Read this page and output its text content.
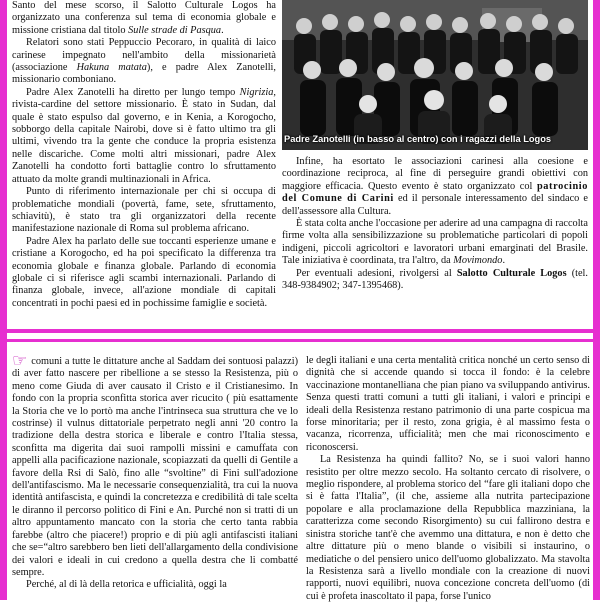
Santo del mese scorso, il Salotto Culturale Logos ha organizzato una conferenza sul tema di economia globale e missione cristiana dal titolo Sulle strade di Pasqua.

Relatori sono stati Peppuccio Pecoraro, in qualità di laico carinese impegnato nell'ambito della missionarietà (associazione Hakuna matata), e padre Alex Zanotelli, missionario comboniano.

Padre Alex Zanotelli ha diretto per lungo tempo Nigrizia, rivista-cardine del settore missionario. È stato in Sudan, dal quale è stato espulso dal governo, e in Kenia, a Korogocho, sobborgo della capitale Nairobi, dove si è fatto ultimo tra gli ultimi, vivendo tra la gente che conduce la propria esistenza nelle discariche. Come molti altri missionari, padre Alex Zanotelli ha condotto forti battaglie contro lo sfruttamento attuato da molte grandi multinazionali in Africa.

Punto di riferimento internazionale per chi si occupa di problematiche mondiali (povertà, fame, sete, sfruttamento, schiavitù), è stato tra gli organizzatori della recente manifestazione nazionale di Roma sul problema africano.

Padre Alex ha parlato delle sue toccanti esperienze umane e cristiane a Korogocho, ed ha poi specificato la differenza tra economia globale e finanza globale. Parlando di economia globale ci si riferisce agli scambi internazionali. Parlando di finanza globale, invece, all'azione mondiale di capitali concentrati in pochi paesi ed in pochissime famiglie e società.

Padre Zanotelli (in basso al centro) con i ragazzi della Logos

Infine, ha esortato le associazioni carinesi alla coesione e coordinazione reciproca, al fine di perseguire grandi obiettivi con maggiore efficacia. Questo evento è stato organizzato col patrocinio del Comune di Carini ed il personale interessamento del sindaco e dell'assessore alla Cultura.

È stata colta anche l'occasione per aderire ad una campagna di raccolta firme volta alla sensibilizzazione su problematiche particolari di popoli indigeni, piccoli agricoltori e lavoratori urbani emarginati del Brasile. Tale iniziativa è coordinata, tra l'altro, da Movimondo.

Per eventuali adesioni, rivolgersi al Salotto Culturale Logos (tel. 348-9384902; 347-1395468).

☞ comuni a tutte le dittature anche al Saddam dei sontuosi palazzi) di aver fatto nascere per ribellione a se stesso la Resistenza, più o meno come Giuda di aver causato il Cristo e il Cristianesimo. In fondo con la propria sconfitta storica aver ricucito ( più esattamente la Storia che ve lo portò ma anche l'intrinseca sua struttura che ve lo costrinse) il vulnus dittatoriale perpetrato negli anni '20 contro la tradizione della destra storica e liberale e contro l'Italia stessa, sconfitta ma digerita dai suoi rampolli missini e camuffata con appelli alla pacificazione nazionale, scopiazzati da quelli di Gentile a favore della Rsi di Salò, fino alle “svoltine” di Fini sull'adozione dell'antifascismo. Ma le necessarie consequenzialità, tra cui la nuova identità antifascista, e quindi la concretezza e credibilità di tale scelta le diranno il percorso politico di Fini e An. Purché non si tratti di un altro appuntamento mancato con la storia che certo tanta rabbia farebbe (altro che piacere!) proprio e di più agli antifascisti italiani che se=“altro sarebbero ben lieti dell'allargamento della condivisione dei valori e ideali in cui credono a quella destra che li combatté sempre.

Perché, al di là della retorica e ufficialità, oggi la

le degli italiani e una certa mentalità critica nonché un certo senso di dignità che si accende quando si tocca il fondo: è la celebre vaccinazione montanelliana che pian piano va sviluppando antivirus. Senza questi tratti comuni a tutti gli italiani, i valori e principi e ideali della Resistenza restano patrimonio di una parte cospicua ma forse minoritaria; per il resto, zona grigia, è al massimo festa o vacanza, ricorrenza, ufficialità; men che mai riconoscimento e riconoscersi.

La Resistenza ha quindi fallito? No, se i suoi valori hanno resistito per oltre mezzo secolo. Ha soltanto cercato di risolvere, o meglio rispondere, al problema storico del “fare gli italiani dopo che si è fatta l'Italia”, (il che, assieme alla nutrita partecipazione popolare e alla proclamazione della Repubblica mazziniana, la caratterizza come secondo Risorgimento) su cui fallirono destra e sinistra storiche tant'è che avemmo una dittatura, e non è detto che altre dittature più o meno blande o visibili si instaurino, o mediatiche o del pensiero unico dell'uomo globalizzato. Ma stavolta la Resistenza sarà a livello mondiale con la creazione di nuovi rapporti, nuovi equilibri, nuova concezione concreta dell'uomo (di cui è profeta inascoltato il papa, forse l'unico
